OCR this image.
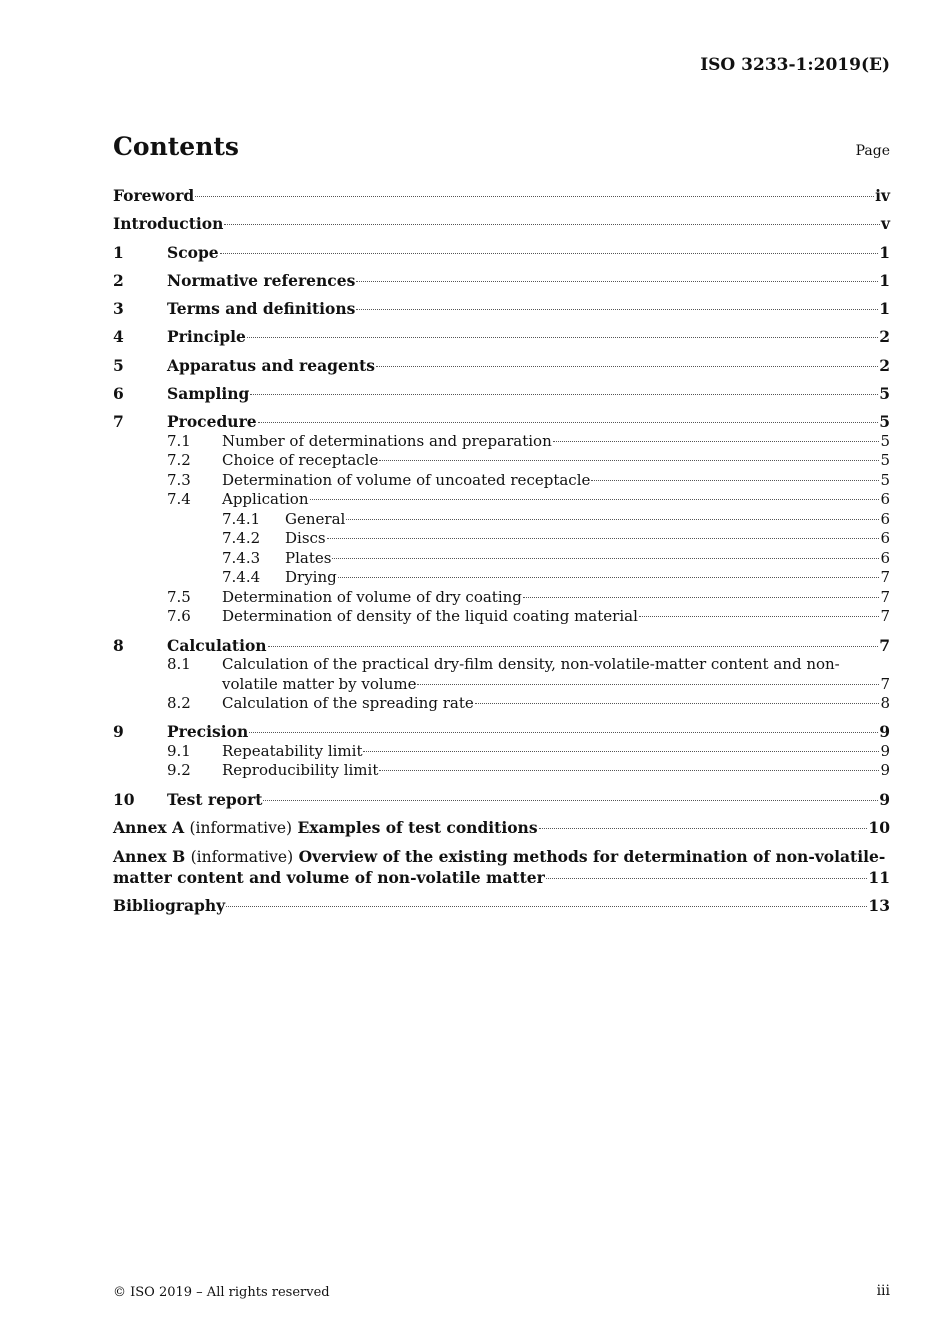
ISO 3233-1:2019(E)
Contents	Page
Foreword	iv
Introduction	v
1	Scope	1
2	Normative references	1
3	Terms and definitions	1
4	Principle	2
5	Apparatus and reagents	2
6	Sampling	5
7	Procedure	5
7.1	Number of determinations and preparation	5
7.2	Choice of receptacle	5
7.3	Determination of volume of uncoated receptacle	5
7.4	Application	6
7.4.1	General	6
7.4.2	Discs	6
7.4.3	Plates	6
7.4.4	Drying	7
7.5	Determination of volume of dry coating	7
7.6	Determination of density of the liquid coating material	7
8	Calculation	7
8.1	Calculation of the practical dry-film density, non-volatile-matter content and non-
volatile matter by volume	7
8.2	Calculation of the spreading rate	8
9	Precision	9
9.1	Repeatability limit	9
9.2	Reproducibility limit	9
10	Test report	9
Annex A (informative) Examples of test conditions	10
Annex B (informative) Overview of the existing methods for determination of non-volatile-
matter content and volume of non-volatile matter	11
Bibliography	13
© ISO 2019 – All rights reserved	iii
